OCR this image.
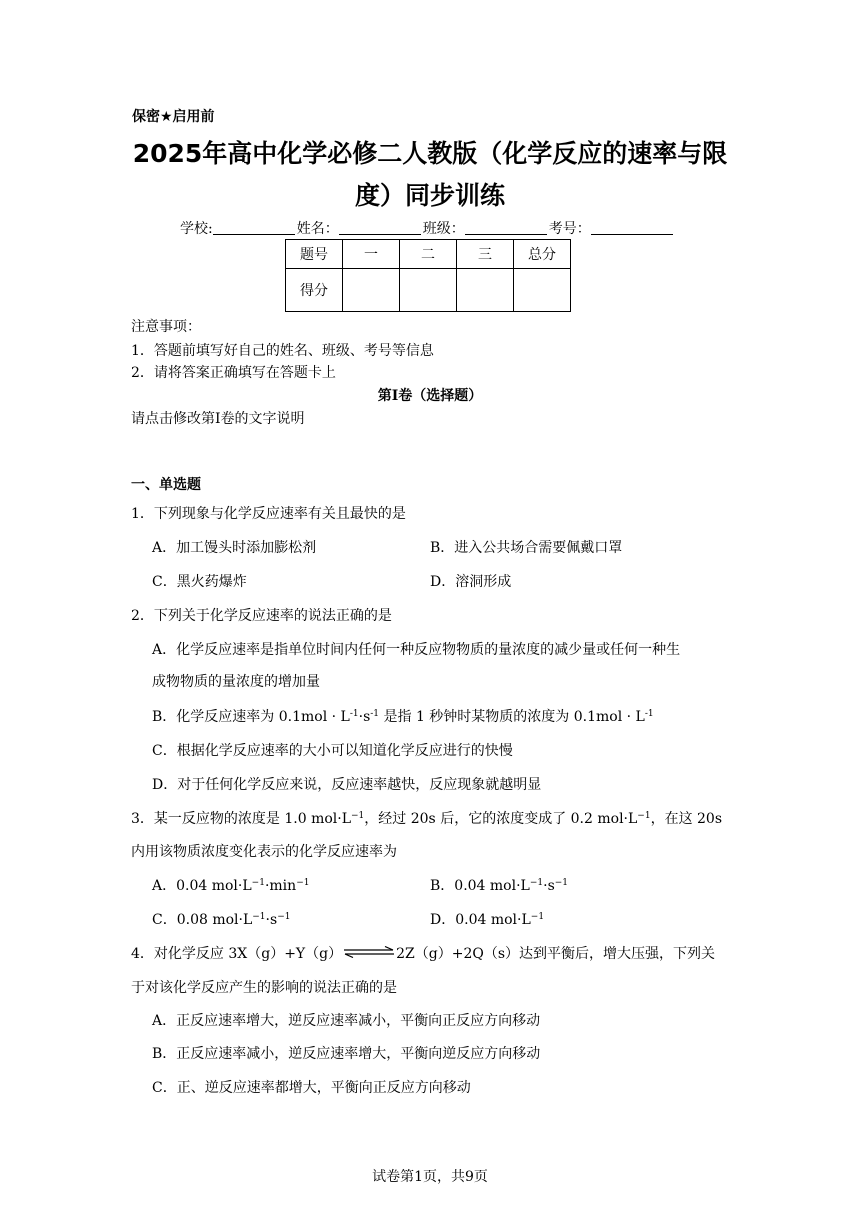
保密★启用前
2025年高中化学必修二人教版（化学反应的速率与限
度）同步训练
学校:	姓名：	班级：	考号：
题号	一	二	三	总分
得分				
注意事项：
1．答题前填写好自己的姓名、班级、考号等信息
2．请将答案正确填写在答题卡上
第I卷（选择题）
请点击修改第I卷的文字说明
一、单选题
1．下列现象与化学反应速率有关且最快的是
A．加工馒头时添加膨松剂	B．进入公共场合需要佩戴口罩
C．黑火药爆炸	D．溶洞形成
2．下列关于化学反应速率的说法正确的是
A．化学反应速率是指单位时间内任何一种反应物物质的量浓度的减少量或任何一种生
成物物质的量浓度的增加量
B．化学反应速率为 $0.1mol \cdot L^{-1}\cdot s^{-1}$ 是指 1 秒钟时某物质的浓度为 $0.1mol \cdot L^{-1}$
C．根据化学反应速率的大小可以知道化学反应进行的快慢
D．对于任何化学反应来说，反应速率越快，反应现象就越明显
3．某一反应物的浓度是 1.0 $mol\cdot L^{-1}$，经过 20s 后，它的浓度变成了 0.2 $mol\cdot L^{-1}$，在这 20s
内用该物质浓度变化表示的化学反应速率为
A．0.04 $mol\cdot L^{-1}\cdot\min^{-1}$	B．0.04 $mol\cdot L^{-1}\cdot s^{-1}$
C．0.08 $mol\cdot L^{-1}\cdot s^{-1}$	D．0.04 $mol\cdot L^{-1}$
4．对化学反应 3X（g）+Y（g）⇌2Z（g）+2Q（s）达到平衡后，增大压强，下列关
于对该化学反应产生的影响的说法正确的是
A．正反应速率增大，逆反应速率减小，平衡向正反应方向移动
B．正反应速率减小，逆反应速率增大，平衡向逆反应方向移动
C．正、逆反应速率都增大，平衡向正反应方向移动
试卷第1页，共9页
